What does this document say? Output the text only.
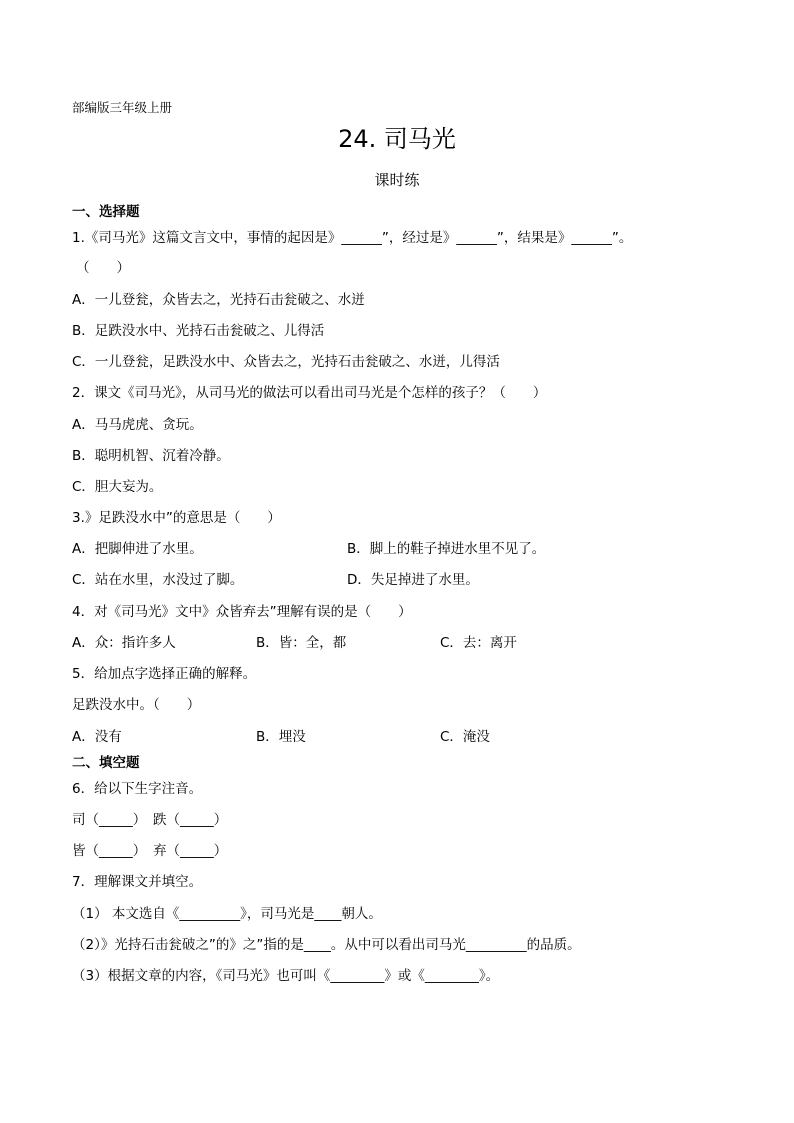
部编版三年级上册
24. 司马光
课时练
一、选择题
1.《司马光》这篇文言文中，事情的起因是》______”，经过是》______”，结果是》______”。
（　　）
A．一儿登瓮，众皆去之，光持石击瓮破之、水迸
B．足跌没水中、光持石击瓮破之、儿得活
C．一儿登瓮，足跌没水中、众皆去之，光持石击瓮破之、水迸，儿得活
2．课文《司马光》，从司马光的做法可以看出司马光是个怎样的孩子？（　　）
A．马马虎虎、贪玩。
B．聪明机智、沉着冷静。
C．胆大妄为。
3.》足跌没水中”的意思是（　　）
A．把脚伸进了水里。	B．脚上的鞋子掉进水里不见了。
C．站在水里，水没过了脚。	D．失足掉进了水里。
4．对《司马光》文中》众皆弃去”理解有误的是（　　）
A．众：指许多人	B．皆：全，都	C．去：离开
5．给加点字选择正确的解释。
足跌没水中。（　　）
A．没有	B．埋没	C．淹没
二、填空题
6．给以下生字注音。
司（_____）　跌（_____）
皆（_____）　弃（_____）
7．理解课文并填空。
（1） 本文选自《_________》，司马光是____朝人。
（2）》光持石击瓮破之”的》之”指的是____。从中可以看出司马光_________的品质。
（3）根据文章的内容，《司马光》也可叫《________》或《________》。
